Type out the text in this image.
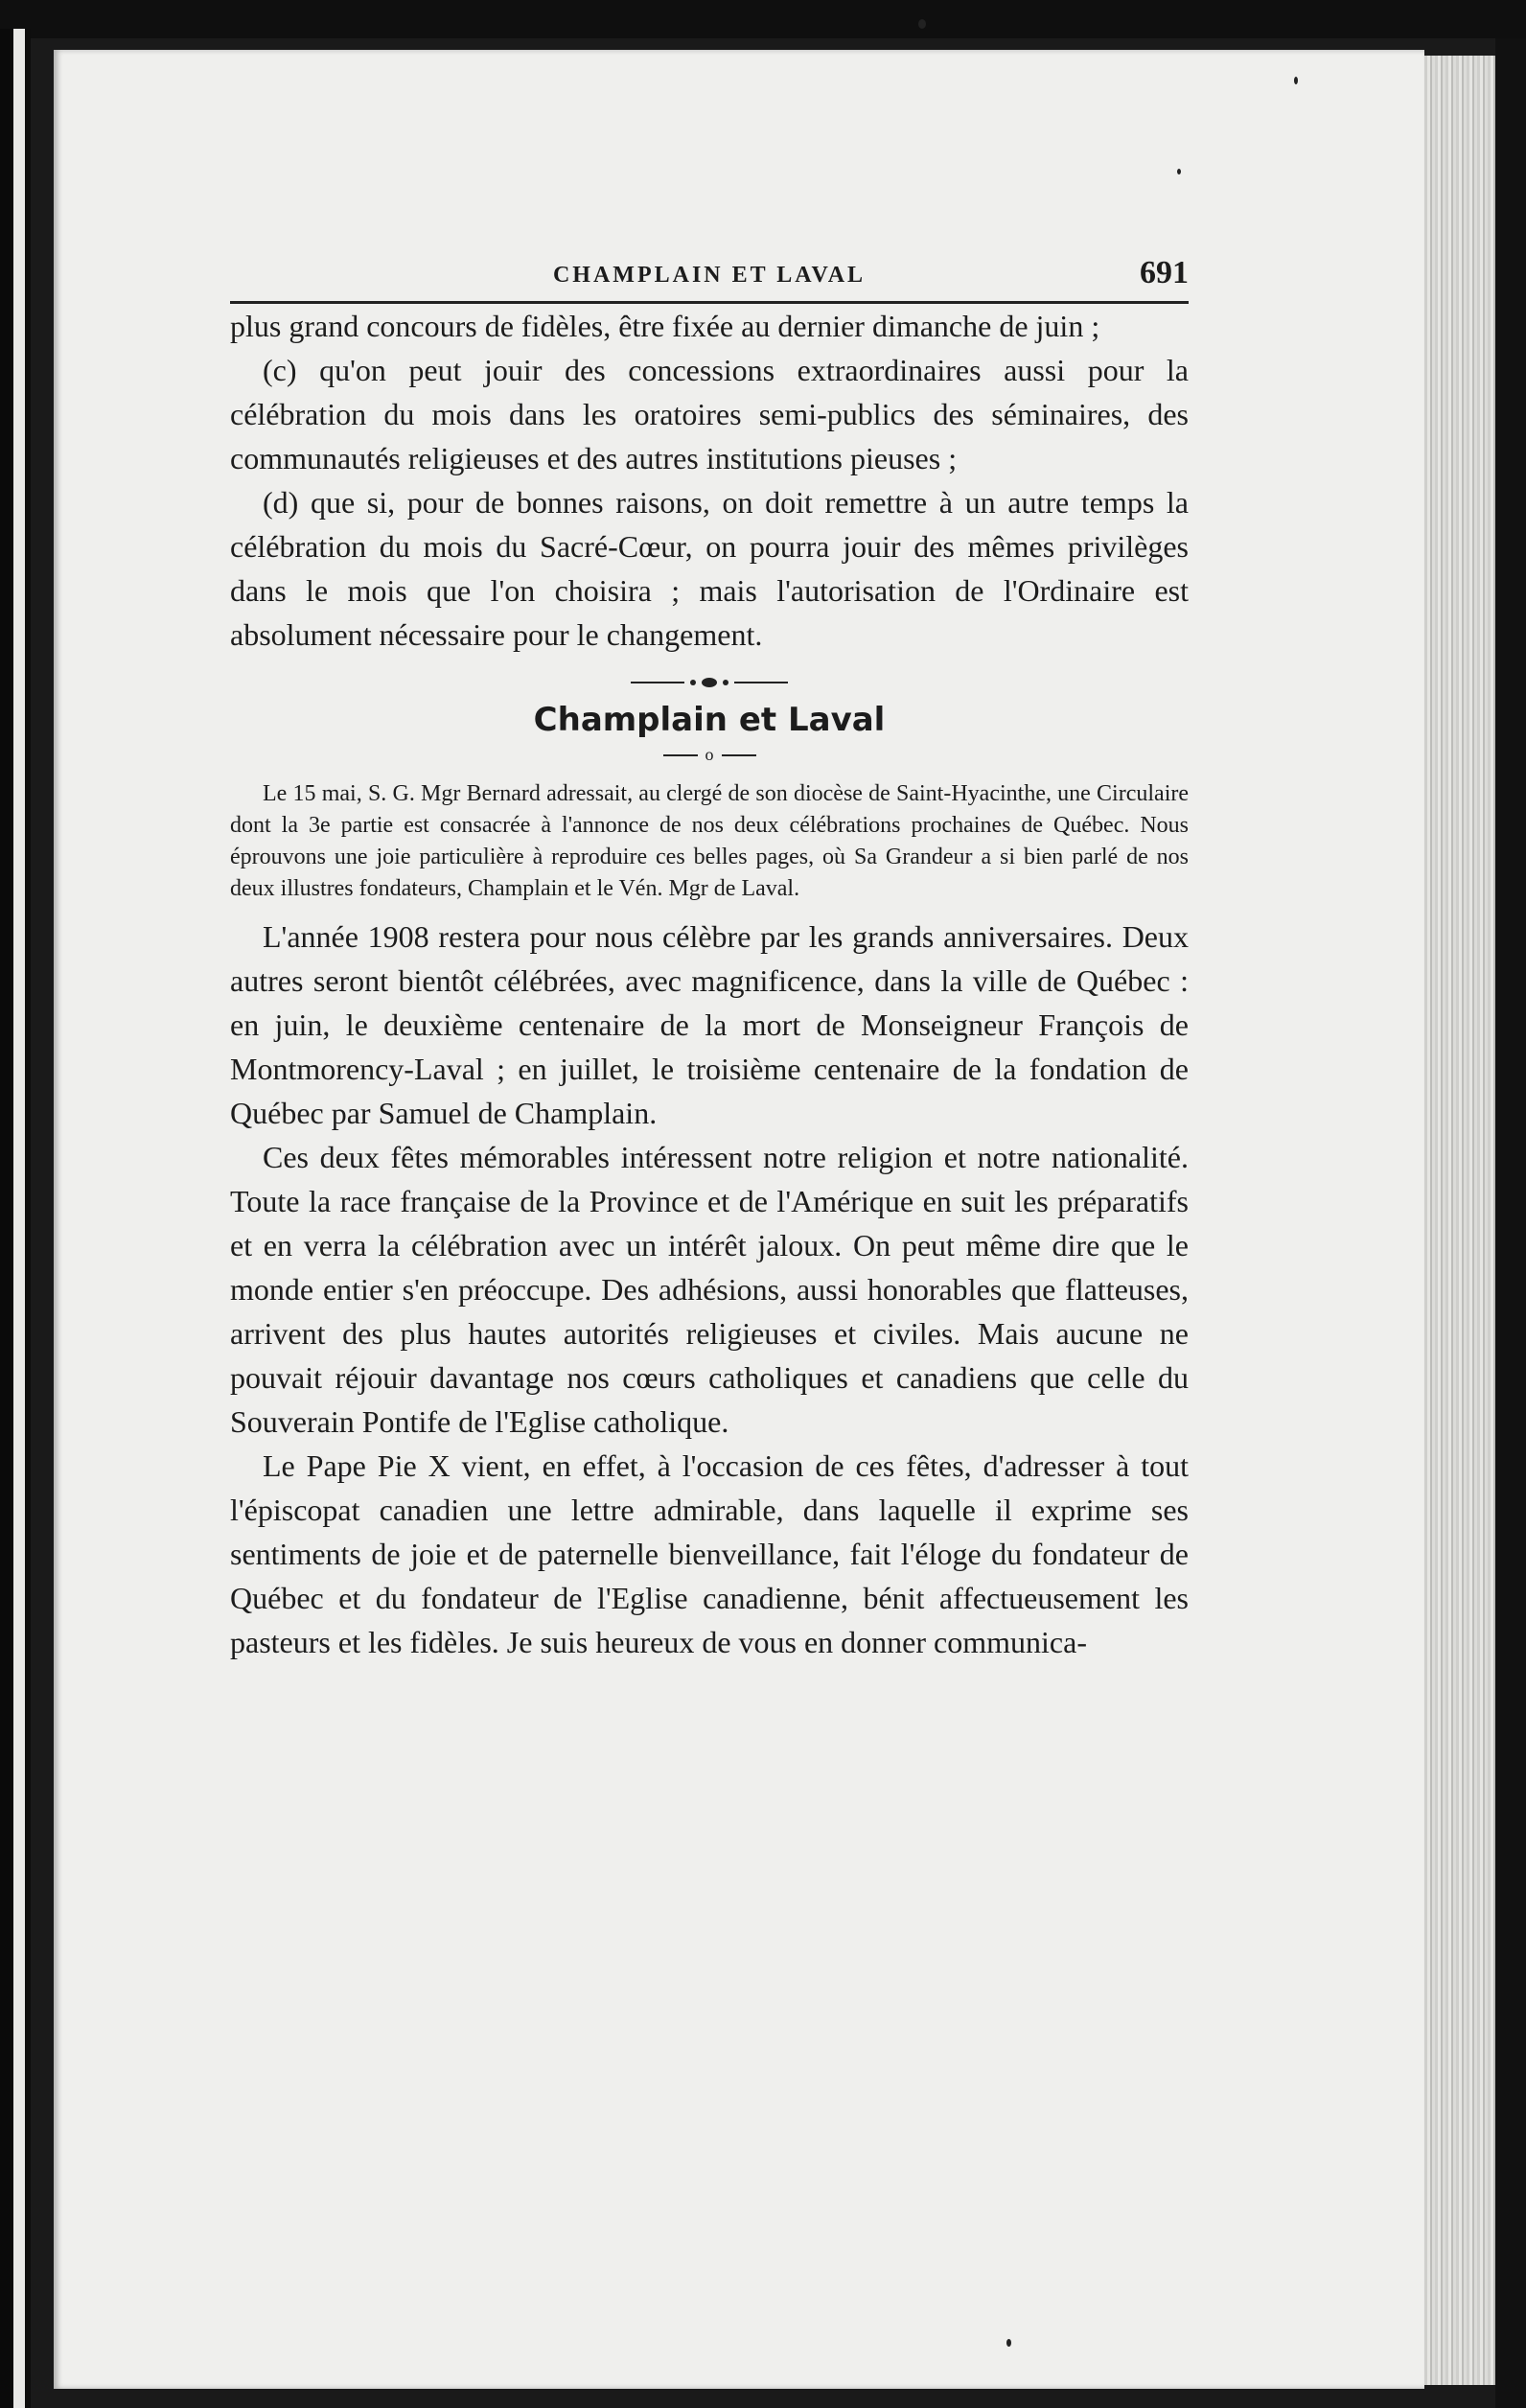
CHAMPLAIN ET LAVAL	691

plus grand concours de fidèles, être fixée au dernier dimanche de juin ;

(c) qu'on peut jouir des concessions extraordinaires aussi pour la célébration du mois dans les oratoires semi-publics des séminaires, des communautés religieuses et des autres institutions pieuses ;

(d) que si, pour de bonnes raisons, on doit remettre à un autre temps la célébration du mois du Sacré-Cœur, on pourra jouir des mêmes privilèges dans le mois que l'on choisira ; mais l'autorisation de l'Ordinaire est absolument nécessaire pour le changement.

Champlain et Laval
o

Le 15 mai, S. G. Mgr Bernard adressait, au clergé de son diocèse de Saint-Hyacinthe, une Circulaire dont la 3e partie est consacrée à l'annonce de nos deux célébrations prochaines de Québec. Nous éprouvons une joie particulière à reproduire ces belles pages, où Sa Grandeur a si bien parlé de nos deux illustres fondateurs, Champlain et le Vén. Mgr de Laval.

L'année 1908 restera pour nous célèbre par les grands anniversaires. Deux autres seront bientôt célébrées, avec magnificence, dans la ville de Québec : en juin, le deuxième centenaire de la mort de Monseigneur François de Montmorency-Laval ; en juillet, le troisième centenaire de la fondation de Québec par Samuel de Champlain.

Ces deux fêtes mémorables intéressent notre religion et notre nationalité. Toute la race française de la Province et de l'Amérique en suit les préparatifs et en verra la célébration avec un intérêt jaloux. On peut même dire que le monde entier s'en préoccupe. Des adhésions, aussi honorables que flatteuses, arrivent des plus hautes autorités religieuses et civiles. Mais aucune ne pouvait réjouir davantage nos cœurs catholiques et canadiens que celle du Souverain Pontife de l'Eglise catholique.

Le Pape Pie X vient, en effet, à l'occasion de ces fêtes, d'adresser à tout l'épiscopat canadien une lettre admirable, dans laquelle il exprime ses sentiments de joie et de paternelle bienveillance, fait l'éloge du fondateur de Québec et du fondateur de l'Eglise canadienne, bénit affectueusement les pasteurs et les fidèles. Je suis heureux de vous en donner communica-
